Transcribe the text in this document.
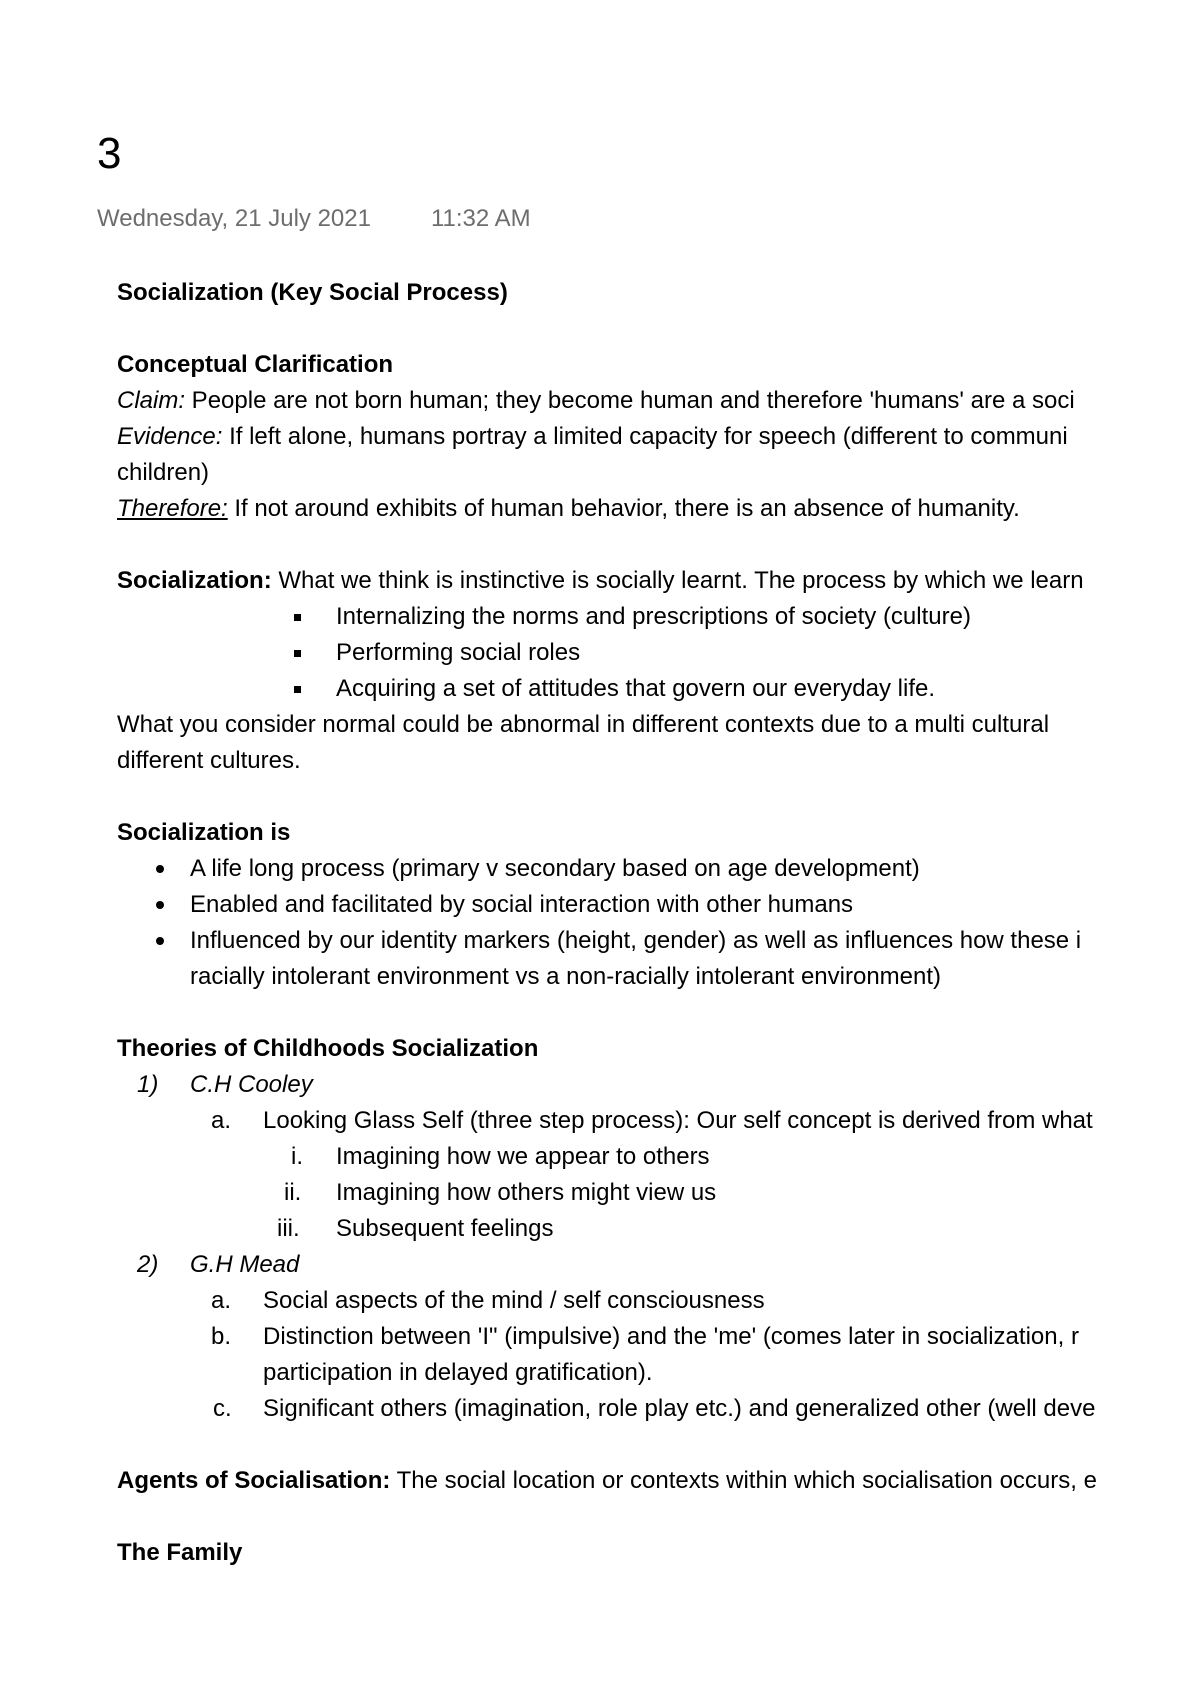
3
Wednesday, 21 July 2021	11:32 AM

Socialization (Key Social Process)

Conceptual Clarification

Claim: People are not born human; they become human and therefore 'humans' are a soci

Evidence: If left alone, humans portray a limited capacity for speech (different to communi

children)

Therefore: If not around exhibits of human behavior, there is an absence of humanity.

Socialization: What we think is instinctive is socially learnt. The process by which we learn

Internalizing the norms and prescriptions of society (culture)
Performing social roles
Acquiring a set of attitudes that govern our everyday life.

What you consider normal could be abnormal in different contexts due to a multi cultural

different cultures.

Socialization is

A life long process (primary v secondary based on age development)
Enabled and facilitated by social interaction with other humans
Influenced by our identity markers (height, gender) as well as influences how these i
racially intolerant environment vs a non-racially intolerant environment)

Theories of Childhoods Socialization

1) C.H Cooley
a. Looking Glass Self (three step process): Our self concept is derived from what
i. Imagining how we appear to others
ii. Imagining how others might view us
iii. Subsequent feelings
2) G.H Mead
a. Social aspects of the mind / self consciousness
b. Distinction between 'I" (impulsive) and the 'me' (comes later in socialization, r
participation in delayed gratification).
c. Significant others (imagination, role play etc.) and generalized other (well deve

Agents of Socialisation: The social location or contexts within which socialisation occurs, e

The Family
